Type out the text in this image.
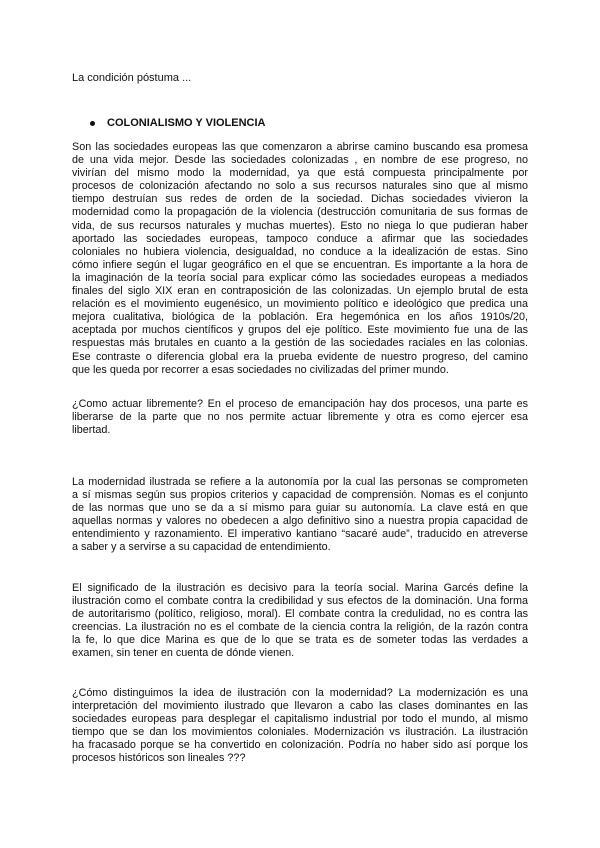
La condición póstuma ...
COLONIALISMO Y VIOLENCIA
Son las sociedades europeas las que comenzaron a abrirse camino buscando esa promesa
de una vida mejor. Desde las sociedades colonizadas , en nombre de ese progreso, no
vivirían del mismo modo la modernidad, ya que está compuesta principalmente por
procesos de colonización afectando no solo a sus recursos naturales sino que al mismo
tiempo destruían sus redes de orden de la sociedad. Dichas sociedades vivieron la
modernidad como la propagación de la violencia (destrucción comunitaria de sus formas de
vida, de sus recursos naturales y muchas muertes). Esto no niega lo que pudieran haber
aportado las sociedades europeas, tampoco conduce a afirmar que las sociedades
coloniales no hubiera violencia, desigualdad, no conduce a la idealización de estas. Sino
cómo infiere según el lugar geográfico en el que se encuentran. Es importante a la hora de
la imaginación de la teoría social para explicar cómo las sociedades europeas a mediados
finales del siglo XIX eran en contraposición de las colonizadas. Un ejemplo brutal de esta
relación es el movimiento eugenésico, un movimiento político e ideológico que predica una
mejora cualitativa, biológica de la población. Era hegemónica en los años 1910s/20,
aceptada por muchos científicos y grupos del eje político. Este movimiento fue una de las
respuestas más brutales en cuanto a la gestión de las sociedades raciales en las colonias.
Ese contraste o diferencia global era la prueba evidente de nuestro progreso, del camino
que les queda por recorrer a esas sociedades no civilizadas del primer mundo.
¿Como actuar libremente? En el proceso de emancipación hay dos procesos, una parte es
liberarse de la parte que no nos permite actuar libremente y otra es como ejercer esa
libertad.
La modernidad ilustrada se refiere a la autonomía por la cual las personas se comprometen
a sí mismas según sus propios criterios y capacidad de comprensión. Nomas es el conjunto
de las normas que uno se da a sí mismo para guiar su autonomía. La clave está en que
aquellas normas y valores no obedecen a algo definitivo sino a nuestra propia capacidad de
entendimiento y razonamiento. El imperativo kantiano “sacaré aude”, traducido en atreverse
a saber y a servirse a su capacidad de entendimiento.
El significado de la ilustración es decisivo para la teoría social. Marina Garcés define la
ilustración como el combate contra la credibilidad y sus efectos de la dominación. Una forma
de autoritarismo (político, religioso, moral). El combate contra la credulidad, no es contra las
creencias. La ilustración no es el combate de la ciencia contra la religión, de la razón contra
la fe, lo que dice Marina es que de lo que se trata es de someter todas las verdades a
examen, sin tener en cuenta de dónde vienen.
¿Cómo distinguimos la idea de ilustración con la modernidad? La modernización es una
interpretación del movimiento ilustrado que llevaron a cabo las clases dominantes en las
sociedades europeas para desplegar el capitalismo industrial por todo el mundo, al mismo
tiempo que se dan los movimientos coloniales. Modernización vs ilustración. La ilustración
ha fracasado porque se ha convertido en colonización. Podría no haber sido así porque los
procesos históricos son lineales ???
